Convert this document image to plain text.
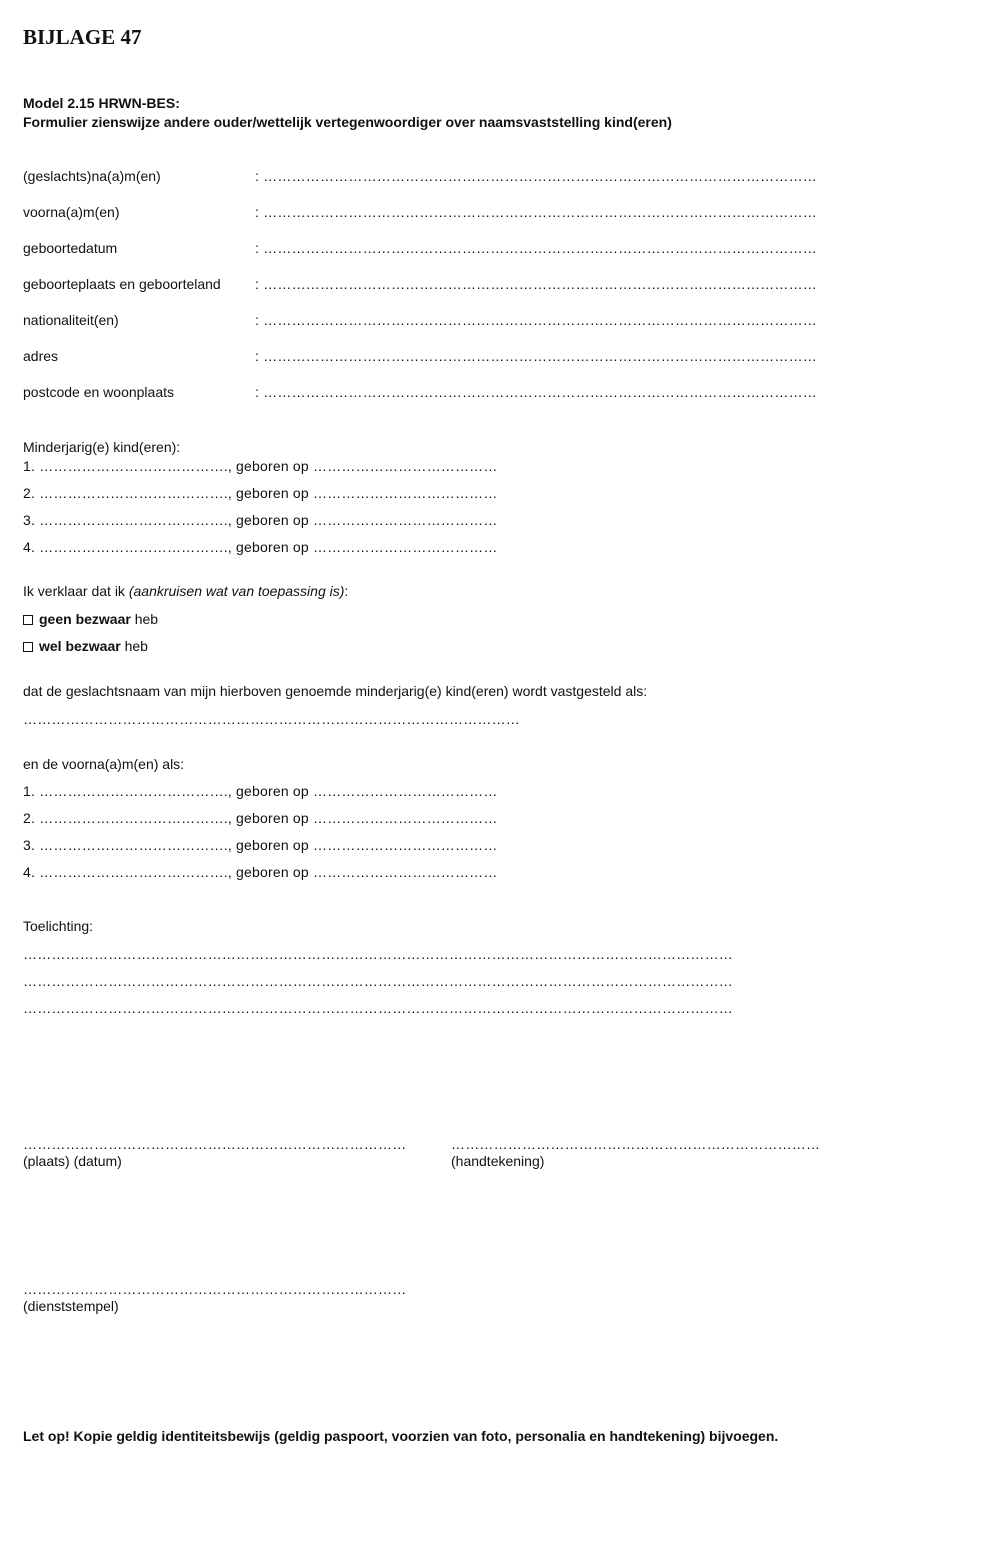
BIJLAGE 47
Model 2.15 HRWN-BES:
Formulier zienswijze andere ouder/wettelijk vertegenwoordiger over naamsvaststelling kind(eren)
(geslachts)na(a)m(en)	: ………………………………………………………………………………………………………
voorna(a)m(en)	: ………………………………………………………………………………………………………
geboortedatum	: ………………………………………………………………………………………………………
geboorteplaats en geboorteland : ………………………………………………………………………………………………………
nationaliteit(en)	: ………………………………………………………………………………………………………
adres	: ………………………………………………………………………………………………………
postcode en woonplaats	: ………………………………………………………………………………………………………
Minderjarig(e) kind(eren):
1. …………………………………., geboren op …………………………………
2. …………………………………., geboren op …………………………………
3. …………………………………., geboren op …………………………………
4. …………………………………., geboren op …………………………………
Ik verklaar dat ik (aankruisen wat van toepassing is):
geen bezwaar heb
wel bezwaar heb
dat de geslachtsnaam van mijn hierboven genoemde minderjarig(e) kind(eren) wordt vastgesteld als:
……………………………………………………………………………………………
en de voorna(a)m(en) als:
1. …………………………………., geboren op …………………………………
2. …………………………………., geboren op …………………………………
3. …………………………………., geboren op …………………………………
4. …………………………………., geboren op …………………………………
Toelichting:
……………………………………………………………………………………………………………………………………
……………………………………………………………………………………………………………………………………
……………………………………………………………………………………………………………………………………
………………………………………………………………………
(plaats) (datum)
……………………………………………………………………
(handtekening)
………………………………………………………………………
(dienststempel)
Let op! Kopie geldig identiteitsbewijs (geldig paspoort, voorzien van foto, personalia en handtekening) bijvoegen.
